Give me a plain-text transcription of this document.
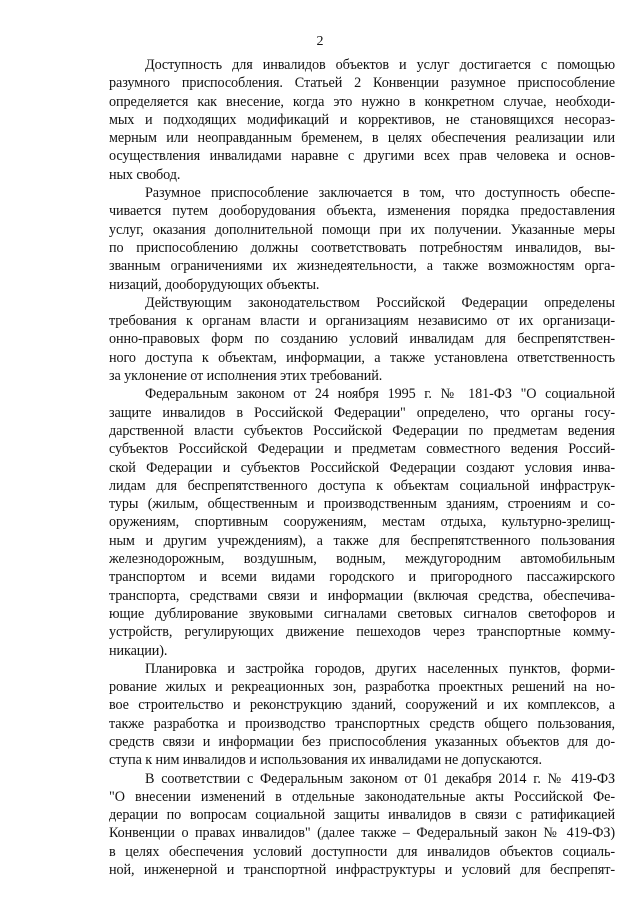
2
Доступность для инвалидов объектов и услуг достигается с помощью
разумного приспособления. Статьей 2 Конвенции разумное приспособление
определяется как внесение, когда это нужно в конкретном случае, необходи-
мых и подходящих модификаций и коррективов, не становящихся несораз-
мерным или неоправданным бременем, в целях обеспечения реализации или
осуществления инвалидами наравне с другими всех прав человека и основ-
ных свобод.
Разумное приспособление заключается в том, что доступность обеспе-
чивается путем дооборудования объекта, изменения порядка предоставления
услуг, оказания дополнительной помощи при их получении. Указанные меры
по приспособлению должны соответствовать потребностям инвалидов, вы-
званным ограничениями их жизнедеятельности, а также возможностям орга-
низаций, дооборудующих объекты.
Действующим законодательством Российской Федерации определены
требования к органам власти и организациям независимо от их организаци-
онно-правовых форм по созданию условий инвалидам для беспрепятствен-
ного доступа к объектам, информации, а также установлена ответственность
за уклонение от исполнения этих требований.
Федеральным законом от 24 ноября 1995 г. № 181-ФЗ "О социальной
защите инвалидов в Российской Федерации" определено, что органы госу-
дарственной власти субъектов Российской Федерации по предметам ведения
субъектов Российской Федерации и предметам совместного ведения Россий-
ской Федерации и субъектов Российской Федерации создают условия инва-
лидам для беспрепятственного доступа к объектам социальной инфраструк-
туры (жилым, общественным и производственным зданиям, строениям и со-
оружениям, спортивным сооружениям, местам отдыха, культурно-зрелищ-
ным и другим учреждениям), а также для беспрепятственного пользования
железнодорожным, воздушным, водным, междугородним автомобильным
транспортом и всеми видами городского и пригородного пассажирского
транспорта, средствами связи и информации (включая средства, обеспечива-
ющие дублирование звуковыми сигналами световых сигналов светофоров и
устройств, регулирующих движение пешеходов через транспортные комму-
никации).
Планировка и застройка городов, других населенных пунктов, форми-
рование жилых и рекреационных зон, разработка проектных решений на но-
вое строительство и реконструкцию зданий, сооружений и их комплексов, а
также разработка и производство транспортных средств общего пользования,
средств связи и информации без приспособления указанных объектов для до-
ступа к ним инвалидов и использования их инвалидами не допускаются.
В соответствии с Федеральным законом от 01 декабря 2014 г. № 419-ФЗ
"О внесении изменений в отдельные законодательные акты Российской Фе-
дерации по вопросам социальной защиты инвалидов в связи с ратификацией
Конвенции о правах инвалидов" (далее также – Федеральный закон № 419-ФЗ)
в целях обеспечения условий доступности для инвалидов объектов социаль-
ной, инженерной и транспортной инфраструктуры и условий для беспрепят-
